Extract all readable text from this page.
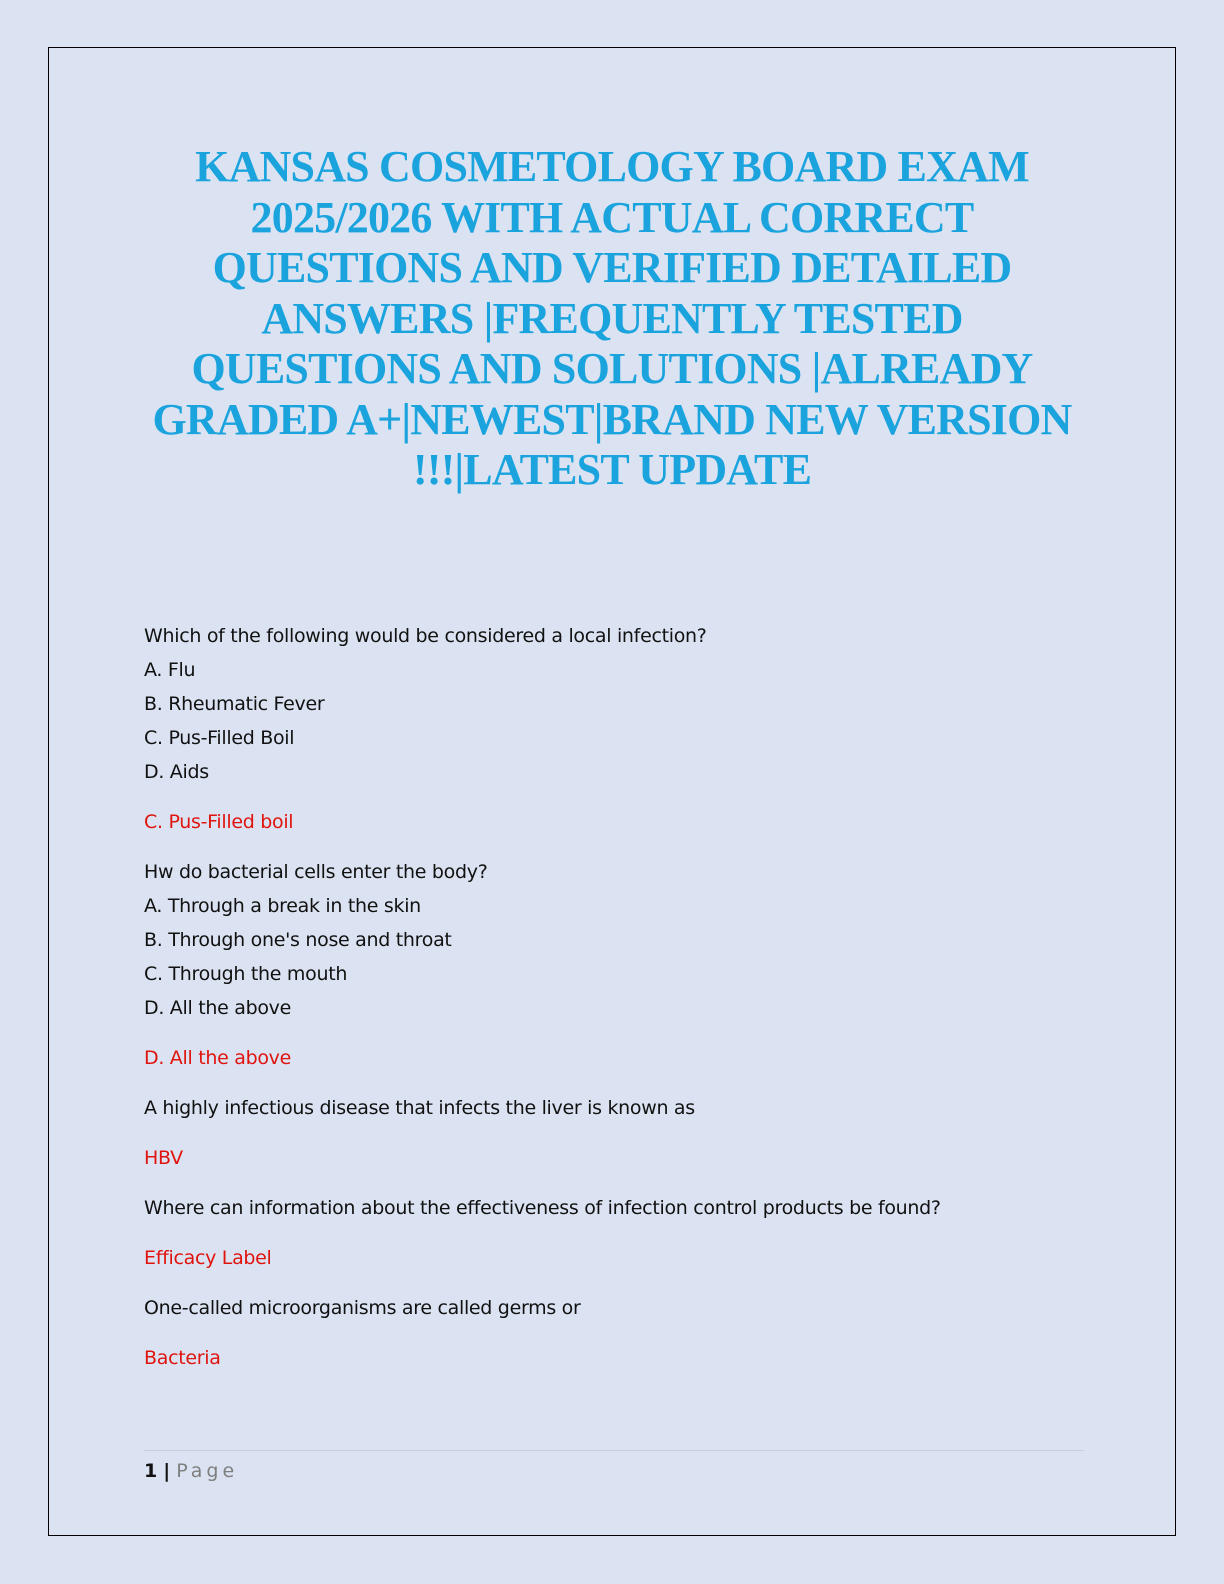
KANSAS COSMETOLOGY BOARD EXAM
2025/2026 WITH ACTUAL CORRECT
QUESTIONS AND VERIFIED DETAILED
ANSWERS |FREQUENTLY TESTED
QUESTIONS AND SOLUTIONS |ALREADY
GRADED A+|NEWEST|BRAND NEW VERSION
!!!|LATEST UPDATE
Which of the following would be considered a local infection?
A. Flu
B. Rheumatic Fever
C. Pus-Filled Boil
D. Aids
C. Pus-Filled boil
Hw do bacterial cells enter the body?
A. Through a break in the skin
B. Through one's nose and throat
C. Through the mouth
D. All the above
D. All the above
A highly infectious disease that infects the liver is known as
HBV
Where can information about the effectiveness of infection control products be found?
Efficacy Label
One-called microorganisms are called germs or
Bacteria
1 | Page
